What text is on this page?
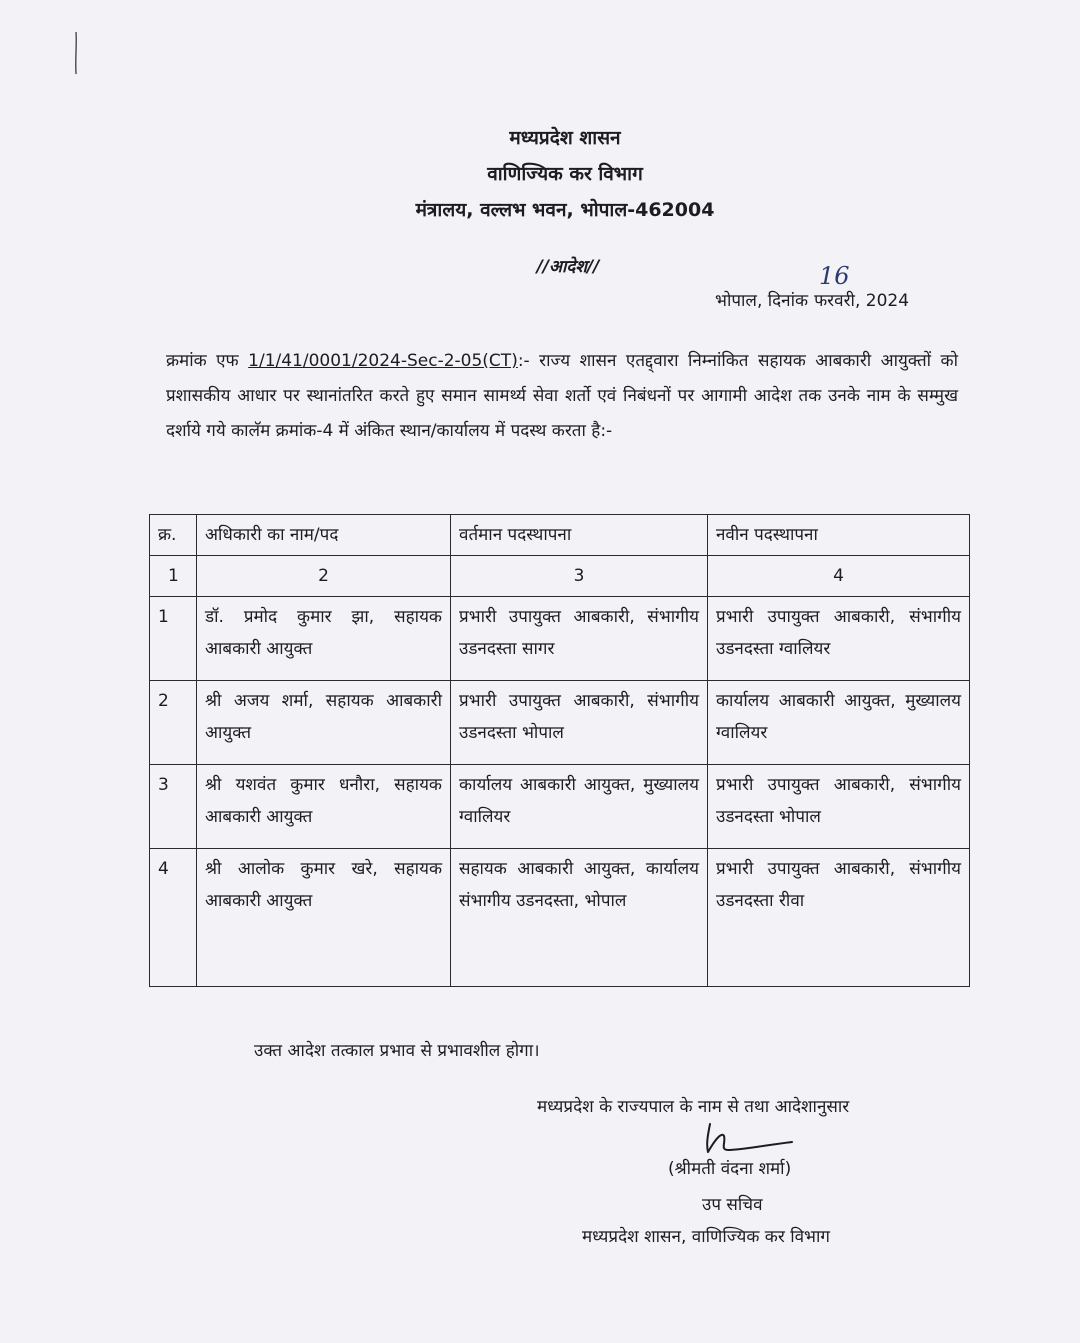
मध्यप्रदेश शासन
वाणिज्यिक कर विभाग
मंत्रालय, वल्लभ भवन, भोपाल-462004
//आदेश//	16
भोपाल, दिनांक फरवरी, 2024
क्रमांक एफ 1/1/41/0001/2024-Sec-2-05(CT):- राज्य शासन एतद्द्वारा निम्नांकित सहायक आबकारी आयुक्तों को प्रशासकीय आधार पर स्थानांतरित करते हुए समान सामर्थ्य सेवा शर्तो एवं निबंधनों पर आगामी आदेश तक उनके नाम के सम्मुख दर्शाये गये कालॅम क्रमांक-4 में अंकित स्थान/कार्यालय में पदस्थ करता है:-
क्र.	अधिकारी का नाम/पद	वर्तमान पदस्थापना	नवीन पदस्थापना
1	2	3	4
1	डॉ. प्रमोद कुमार झा, सहायक आबकारी आयुक्त	प्रभारी उपायुक्त आबकारी, संभागीय उडनदस्ता सागर	प्रभारी उपायुक्त आबकारी, संभागीय उडनदस्ता ग्वालियर
2	श्री अजय शर्मा, सहायक आबकारी आयुक्त	प्रभारी उपायुक्त आबकारी, संभागीय उडनदस्ता भोपाल	कार्यालय आबकारी आयुक्त, मुख्यालय ग्वालियर
3	श्री यशवंत कुमार धनौरा, सहायक आबकारी आयुक्त	कार्यालय आबकारी आयुक्त, मुख्यालय ग्वालियर	प्रभारी उपायुक्त आबकारी, संभागीय उडनदस्ता भोपाल
4	श्री आलोक कुमार खरे, सहायक आबकारी आयुक्त	सहायक आबकारी आयुक्त, कार्यालय संभागीय उडनदस्ता, भोपाल	प्रभारी उपायुक्त आबकारी, संभागीय उडनदस्ता रीवा
उक्त आदेश तत्काल प्रभाव से प्रभावशील होगा।
मध्यप्रदेश के राज्यपाल के नाम से तथा आदेशानुसार
(श्रीमती वंदना शर्मा)
उप सचिव
मध्यप्रदेश शासन, वाणिज्यिक कर विभाग
